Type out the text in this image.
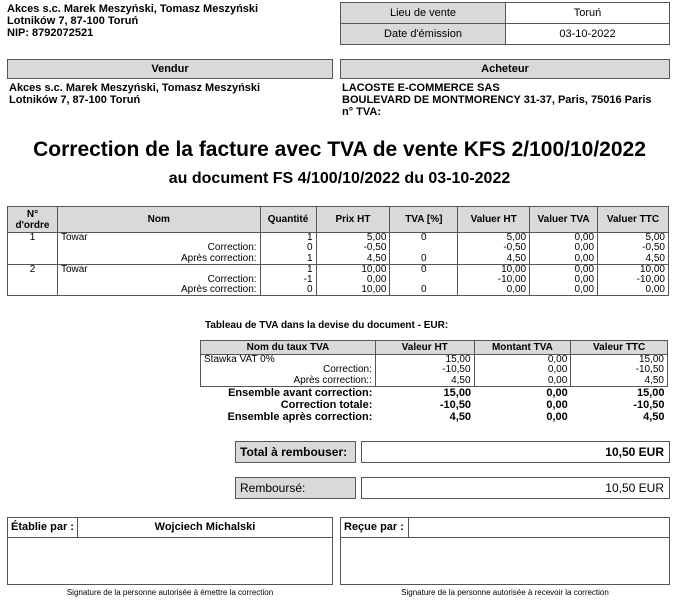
Akces s.c. Marek Meszyński, Tomasz Meszyński
Lotników 7, 87-100 Toruń
NIP: 8792072521
Lieu de vente	Toruń
Date d'émission	03-10-2022
Vendur
Akces s.c. Marek Meszyński, Tomasz Meszyński
Lotników 7, 87-100 Toruń
Acheteur
LACOSTE E-COMMERCE SAS
BOULEVARD DE MONTMORENCY 31-37, Paris, 75016 Paris
n° TVA:
Correction de la facture avec TVA de vente KFS 2/100/10/2022
au document FS 4/100/10/2022 du 03-10-2022
N°
d'ordre	Nom	Quantité	Prix HT	TVA [%]	Valuer HT	Valuer TVA	Valuer TTC
1	Towar	1	5,00	0	5,00	0,00	5,00
	Correction:	0	-0,50		-0,50	0,00	-0,50
	Après correction:	1	4,50	0	4,50	0,00	4,50
2	Towar	1	10,00	0	10,00	0,00	10,00
	Correction:	-1	0,00		-10,00	0,00	-10,00
	Après correction:	0	10,00	0	0,00	0,00	0,00
Tableau de TVA dans la devise du document - EUR:
Nom du taux TVA	Valeur HT	Montant TVA	Valeur TTC
Stawka VAT 0%	15,00	0,00	15,00
Correction:	-10,50	0,00	-10,50
Après correction::	4,50	0,00	4,50
Ensemble avant correction:	15,00	0,00	15,00
Correction totale:	-10,50	0,00	-10,50
Ensemble après correction:	4,50	0,00	4,50
Total à rembouser:	10,50 EUR
Remboursé:	10,50 EUR
Établie par :	Wojciech Michalski
Signature de la personne autorisée à émettre la correction
Reçue par :
Signature de la personne autorisée à recevoir la correction
